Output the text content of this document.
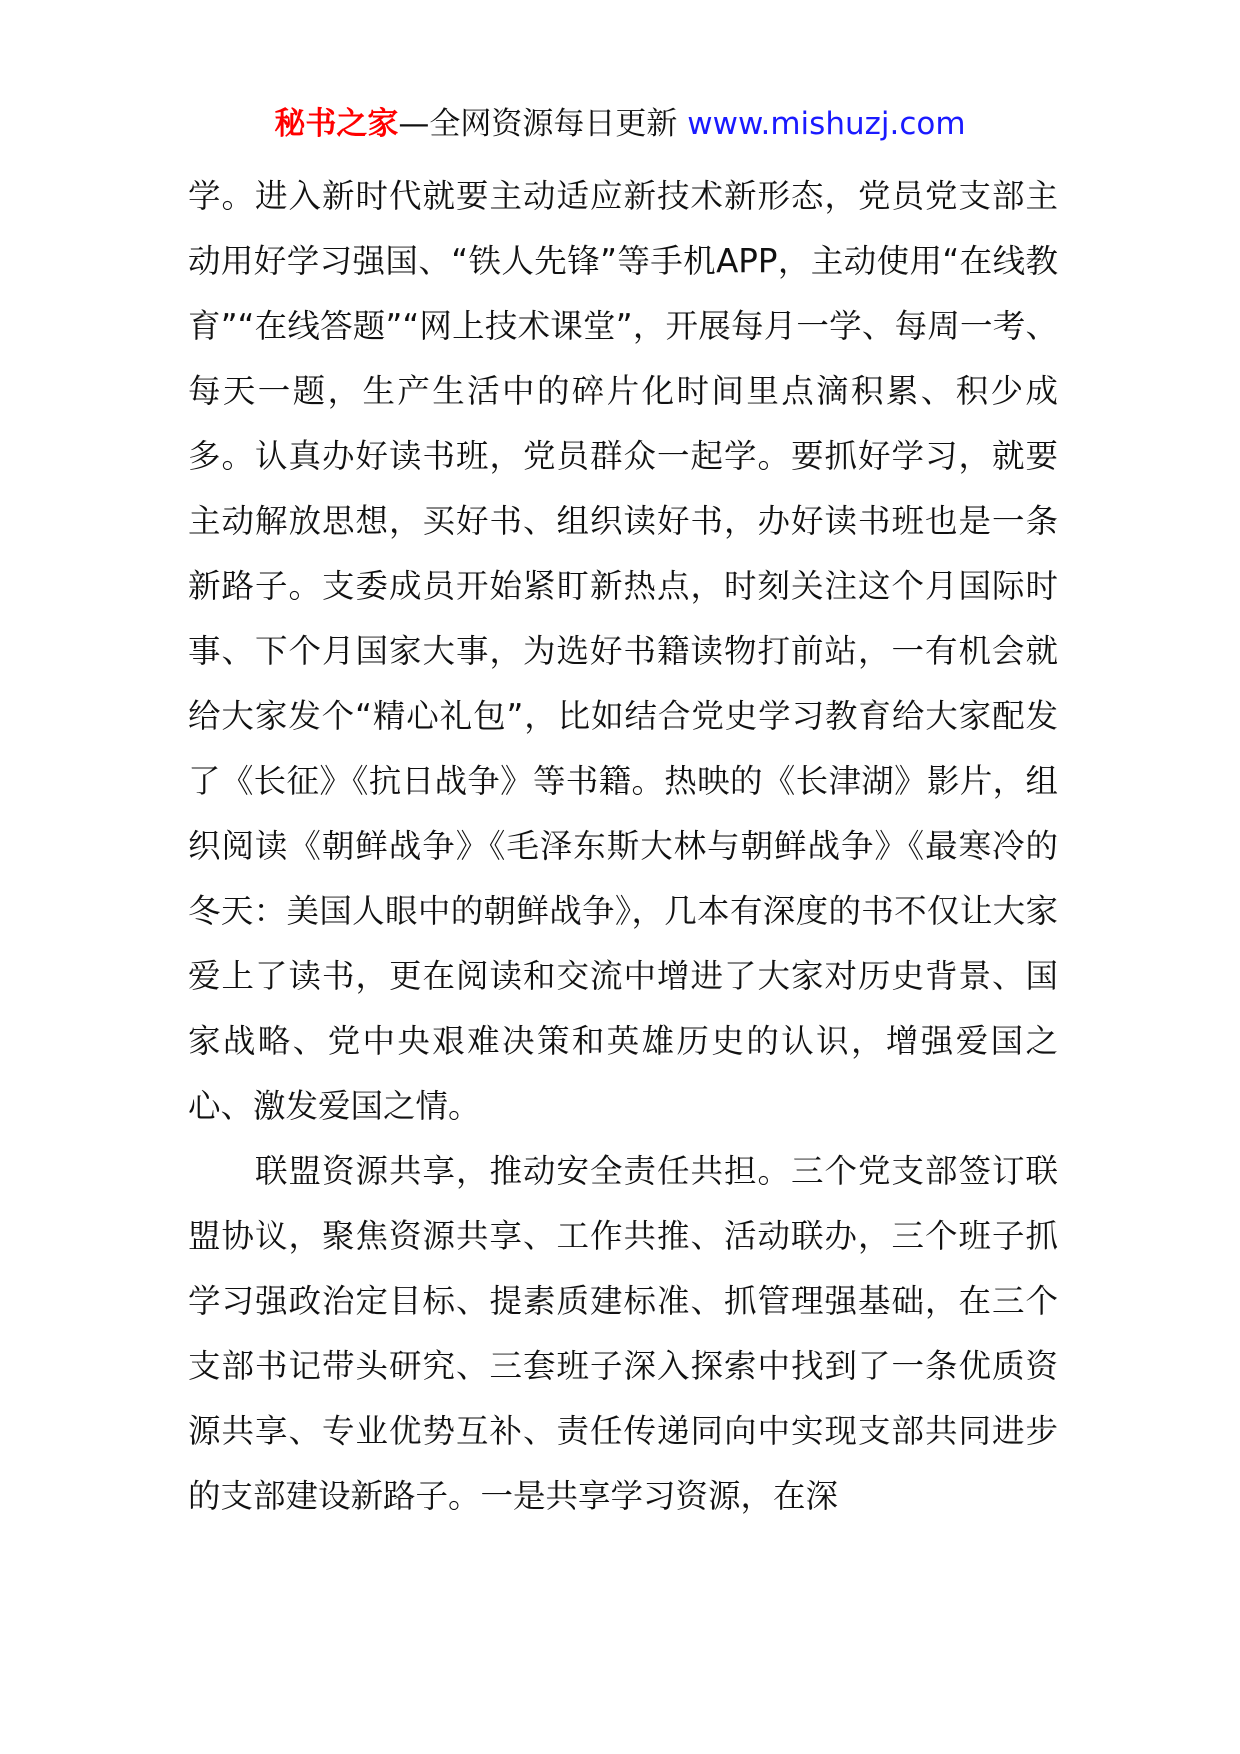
秘书之家—全网资源每日更新 www.mishuzj.com

学。进入新时代就要主动适应新技术新形态，党员党支部主动用好学习强国、“铁人先锋”等手机APP，主动使用“在线教育”“在线答题”“网上技术课堂”，开展每月一学、每周一考、每天一题，生产生活中的碎片化时间里点滴积累、积少成多。认真办好读书班，党员群众一起学。要抓好学习，就要主动解放思想，买好书、组织读好书，办好读书班也是一条新路子。支委成员开始紧盯新热点，时刻关注这个月国际时事、下个月国家大事，为选好书籍读物打前站，一有机会就给大家发个“精心礼包”，比如结合党史学习教育给大家配发了《长征》《抗日战争》等书籍。热映的《长津湖》影片，组织阅读《朝鲜战争》《毛泽东斯大林与朝鲜战争》《最寒冷的冬天：美国人眼中的朝鲜战争》，几本有深度的书不仅让大家爱上了读书，更在阅读和交流中增进了大家对历史背景、国家战略、党中央艰难决策和英雄历史的认识，增强爱国之心、激发爱国之情。

　　联盟资源共享，推动安全责任共担。三个党支部签订联盟协议，聚焦资源共享、工作共推、活动联办，三个班子抓学习强政治定目标、提素质建标准、抓管理强基础，在三个支部书记带头研究、三套班子深入探索中找到了一条优质资源共享、专业优势互补、责任传递同向中实现支部共同进步的支部建设新路子。一是共享学习资源，在深
